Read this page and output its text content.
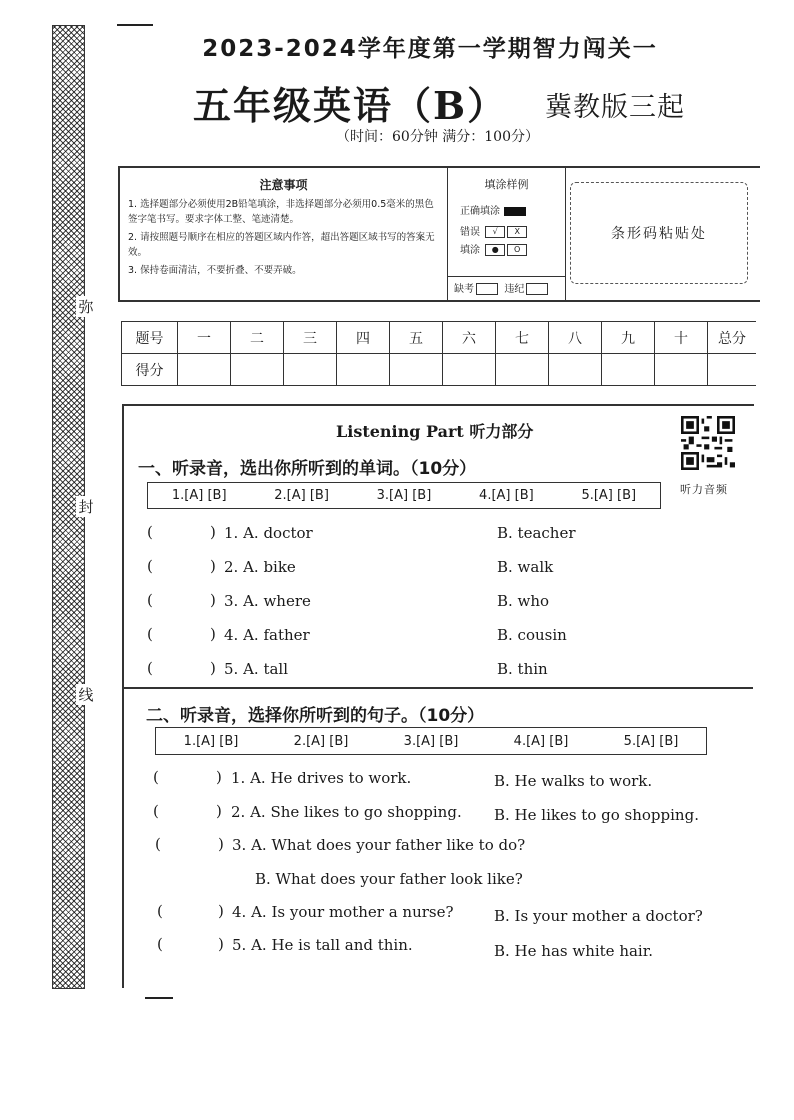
弥
封
线
2023-2024学年度第一学期智力闯关一
五年级英语（B） 冀教版三起
（时间：60分钟 满分：100分）
注意事项
1. 选择题部分必须使用2B铅笔填涂，非选择题部分必须用0.5毫米的黑色签字笔书写。要求字体工整、笔迹清楚。
2. 请按照题号顺序在相应的答题区域内作答，超出答题区域书写的答案无效。
3. 保持卷面清洁，不要折叠、不要弄破。
填涂样例
正确填涂
错误 √ X
填涂 ● O
缺考	违纪
条形码粘贴处
题号	一	二	三	四	五	六	七	八	九	十	总分
得分											
Listening Part 听力部分
听力音频
一、听录音，选出你所听到的单词。（10分）
1.[A] [B]	2.[A] [B]	3.[A] [B]	4.[A] [B]	5.[A] [B]
(	) 1. A. doctor	B. teacher
(	) 2. A. bike	B. walk
(	) 3. A. where	B. who
(	) 4. A. father	B. cousin
(	) 5. A. tall	B. thin
二、听录音，选择你所听到的句子。（10分）
1.[A] [B]	2.[A] [B]	3.[A] [B]	4.[A] [B]	5.[A] [B]
(	) 1. A. He drives to work.	B. He walks to work.
(	) 2. A. She likes to go shopping. B. He likes to go shopping.
(	) 3. A. What does your father like to do?
B. What does your father look like?
(	) 4. A. Is your mother a nurse?	B. Is your mother a doctor?
(	) 5. A. He is tall and thin.	B. He has white hair.
